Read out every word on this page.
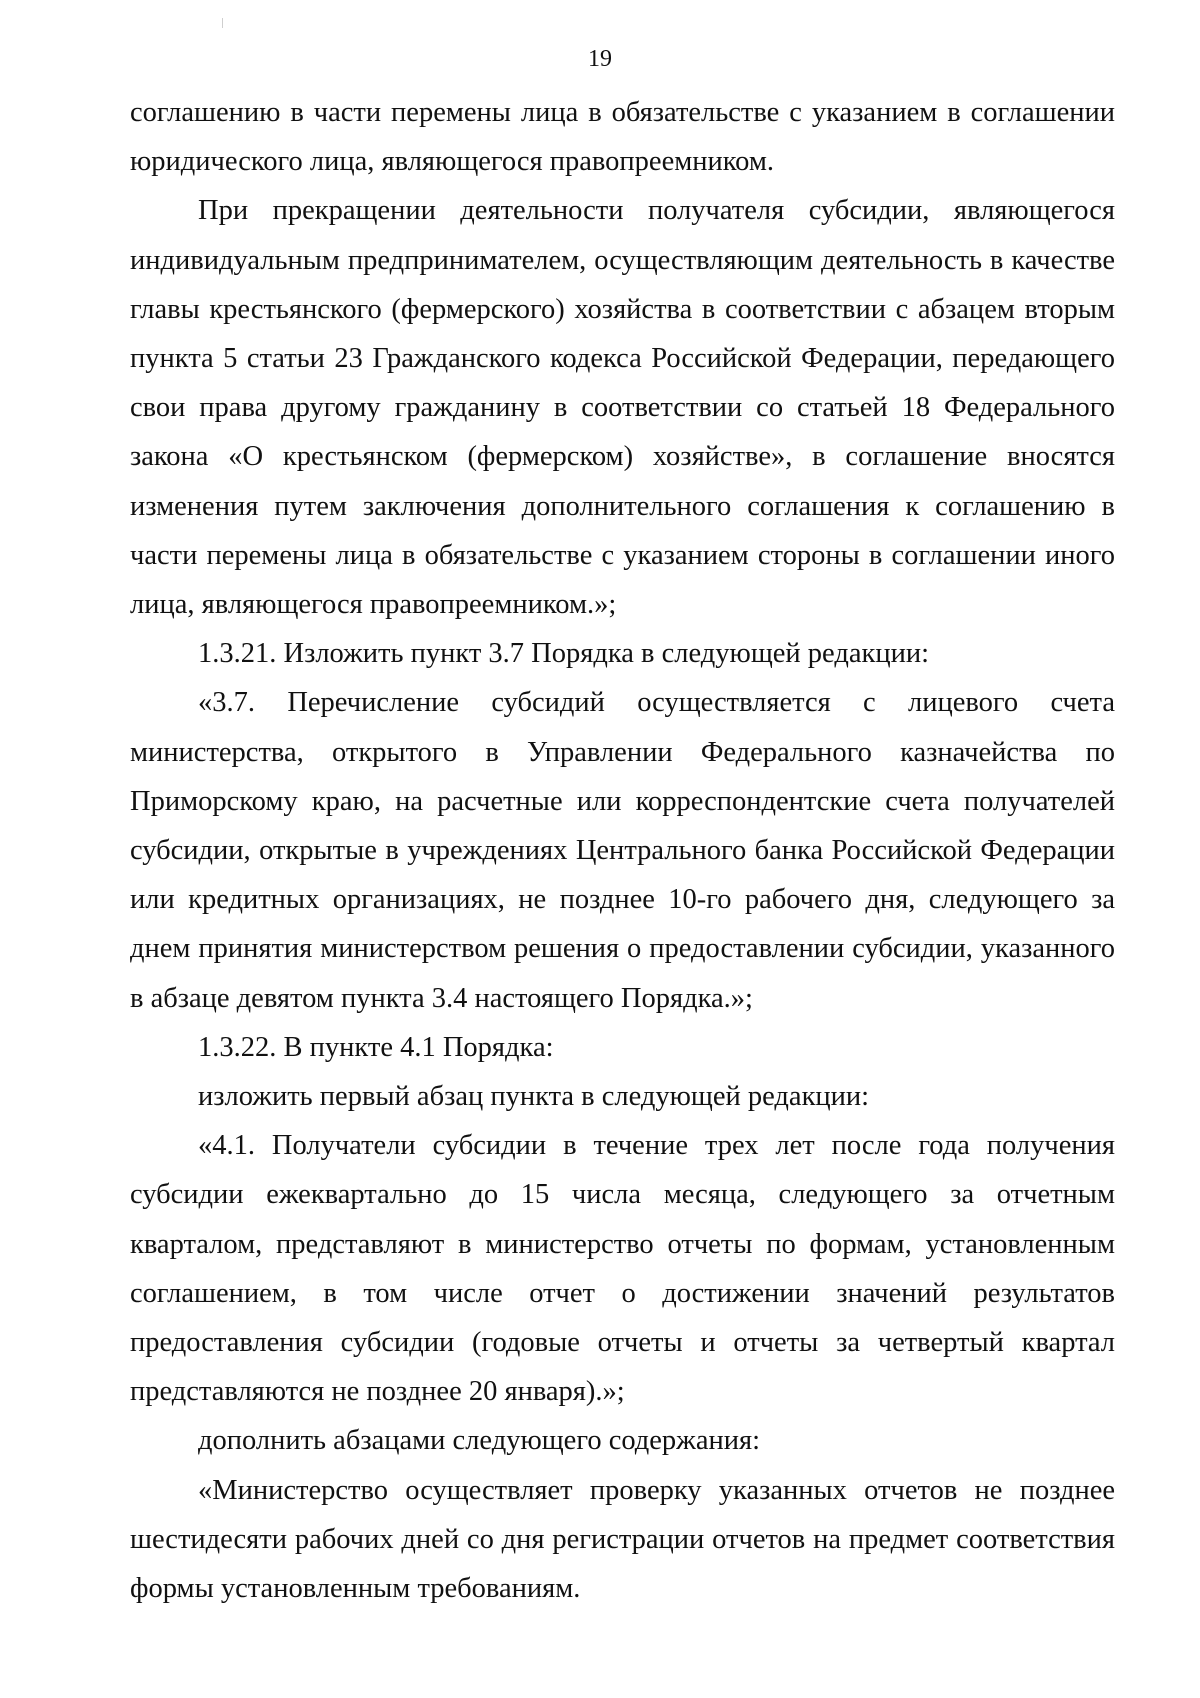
19

соглашению в части перемены лица в обязательстве с указанием в соглашении юридического лица, являющегося правопреемником.

При прекращении деятельности получателя субсидии, являющегося индивидуальным предпринимателем, осуществляющим деятельность в качестве главы крестьянского (фермерского) хозяйства в соответствии с абзацем вторым пункта 5 статьи 23 Гражданского кодекса Российской Федерации, передающего свои права другому гражданину в соответствии со статьей 18 Федерального закона «О крестьянском (фермерском) хозяйстве», в соглашение вносятся изменения путем заключения дополнительного соглашения к соглашению в части перемены лица в обязательстве с указанием стороны в соглашении иного лица, являющегося правопреемником.»;

1.3.21. Изложить пункт 3.7 Порядка в следующей редакции:

«3.7. Перечисление субсидий осуществляется с лицевого счета министерства, открытого в Управлении Федерального казначейства по Приморскому краю, на расчетные или корреспондентские счета получателей субсидии, открытые в учреждениях Центрального банка Российской Федерации или кредитных организациях, не позднее 10-го рабочего дня, следующего за днем принятия министерством решения о предоставлении субсидии, указанного в абзаце девятом пункта 3.4 настоящего Порядка.»;

1.3.22. В пункте 4.1 Порядка:

изложить первый абзац пункта в следующей редакции:

«4.1. Получатели субсидии в течение трех лет после года получения субсидии ежеквартально до 15 числа месяца, следующего за отчетным кварталом, представляют в министерство отчеты по формам, установленным соглашением, в том числе отчет о достижении значений результатов предоставления субсидии (годовые отчеты и отчеты за четвертый квартал представляются не позднее 20 января).»;

дополнить абзацами следующего содержания:

«Министерство осуществляет проверку указанных отчетов не позднее шестидесяти рабочих дней со дня регистрации отчетов на предмет соответствия формы установленным требованиям.
